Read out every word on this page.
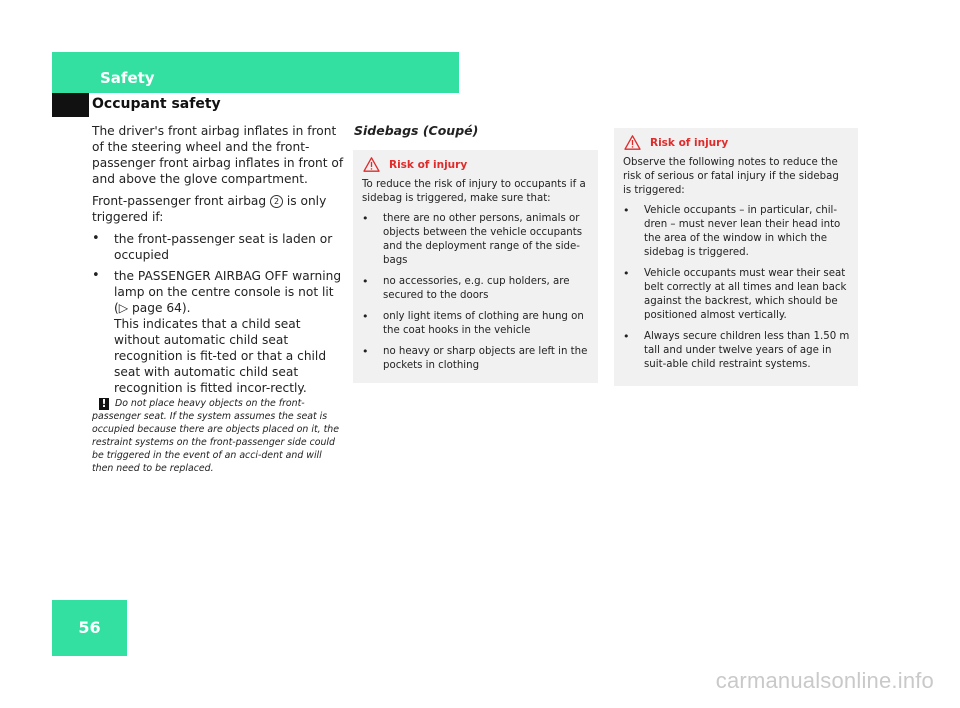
Safety
Occupant safety
56

The driver's front airbag inflates in front of the steering wheel and the front-passenger front airbag inflates in front of and above the glove compartment.

Front-passenger front airbag 2 is only triggered if:

• the front-passenger seat is laden or occupied
• the PASSENGER AIRBAG OFF warning lamp on the centre console is not lit (▷ page 64).
This indicates that a child seat without automatic child seat recognition is fit-ted or that a child seat with automatic child seat recognition is fitted incor-rectly.
! Do not place heavy objects on the front-passenger seat. If the system assumes the seat is occupied because there are objects placed on it, the restraint systems on the front-passenger side could be triggered in the event of an acci-dent and will then need to be replaced.
Sidebags (Coupé)
Risk of injury
To reduce the risk of injury to occupants if a sidebag is triggered, make sure that:
• there are no other persons, animals or objects between the vehicle occupants and the deployment range of the side-bags
• no accessories, e.g. cup holders, are secured to the doors
• only light items of clothing are hung on the coat hooks in the vehicle
• no heavy or sharp objects are left in the pockets in clothing
Risk of injury
Observe the following notes to reduce the risk of serious or fatal injury if the sidebag is triggered:
• Vehicle occupants – in particular, chil-dren – must never lean their head into the area of the window in which the sidebag is triggered.
• Vehicle occupants must wear their seat belt correctly at all times and lean back against the backrest, which should be positioned almost vertically.
• Always secure children less than 1.50 m tall and under twelve years of age in suit-able child restraint systems.
carmanualsonline.info
